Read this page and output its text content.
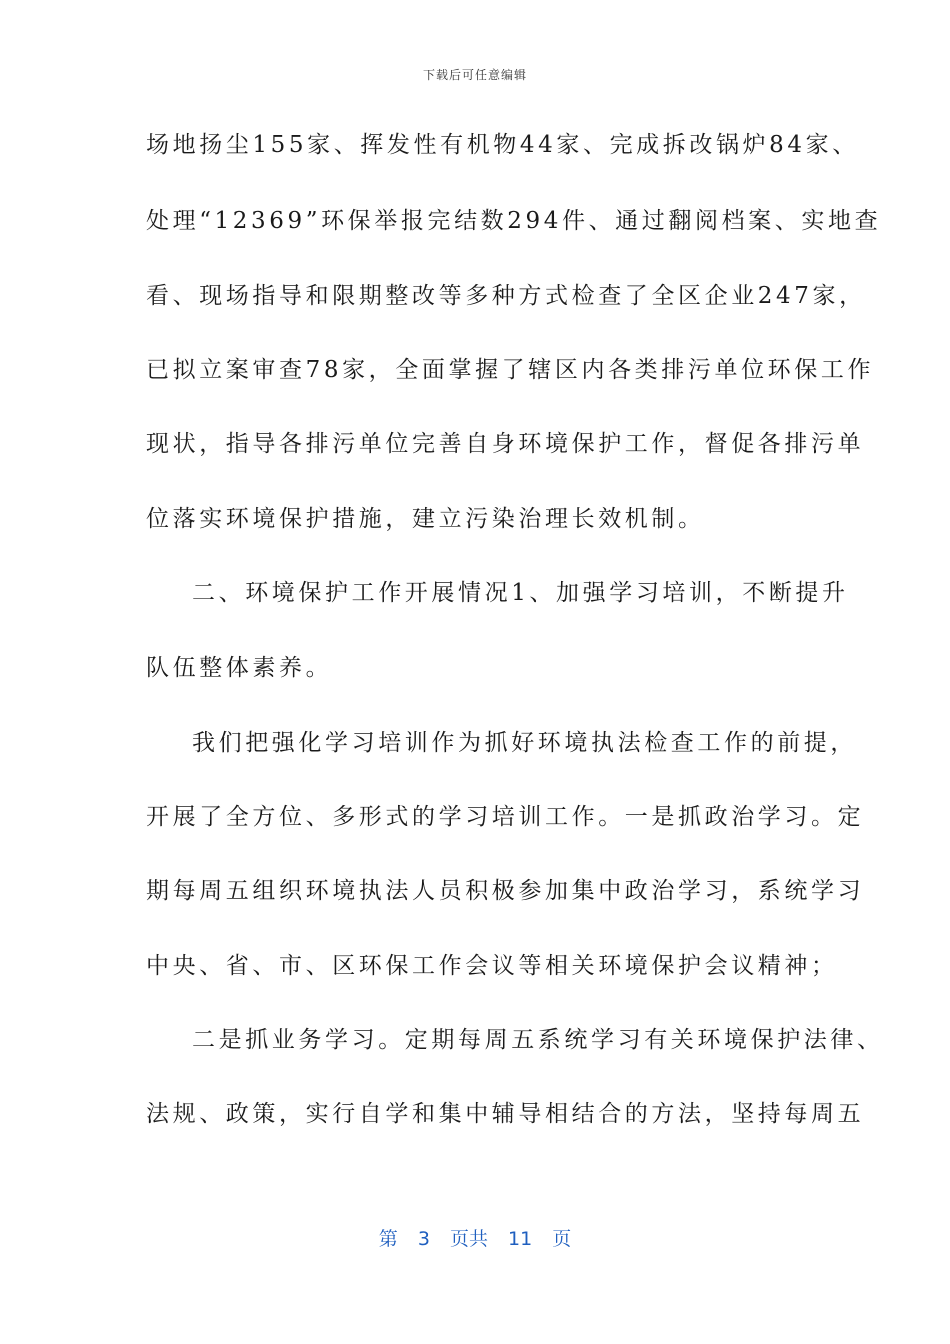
下载后可任意编辑
场地扬尘155家、挥发性有机物44家、完成拆改锅炉84家、
处理“12369”环保举报完结数294件、通过翻阅档案、实地查
看、现场指导和限期整改等多种方式检查了全区企业247家，
已拟立案审查78家，全面掌握了辖区内各类排污单位环保工作
现状，指导各排污单位完善自身环境保护工作，督促各排污单
位落实环境保护措施，建立污染治理长效机制。
二、环境保护工作开展情况1、加强学习培训，不断提升
队伍整体素养。
我们把强化学习培训作为抓好环境执法检查工作的前提，
开展了全方位、多形式的学习培训工作。一是抓政治学习。定
期每周五组织环境执法人员积极参加集中政治学习，系统学习
中央、省、市、区环保工作会议等相关环境保护会议精神；
二是抓业务学习。定期每周五系统学习有关环境保护法律、
法规、政策，实行自学和集中辅导相结合的方法，坚持每周五
第 3 页共 11 页
